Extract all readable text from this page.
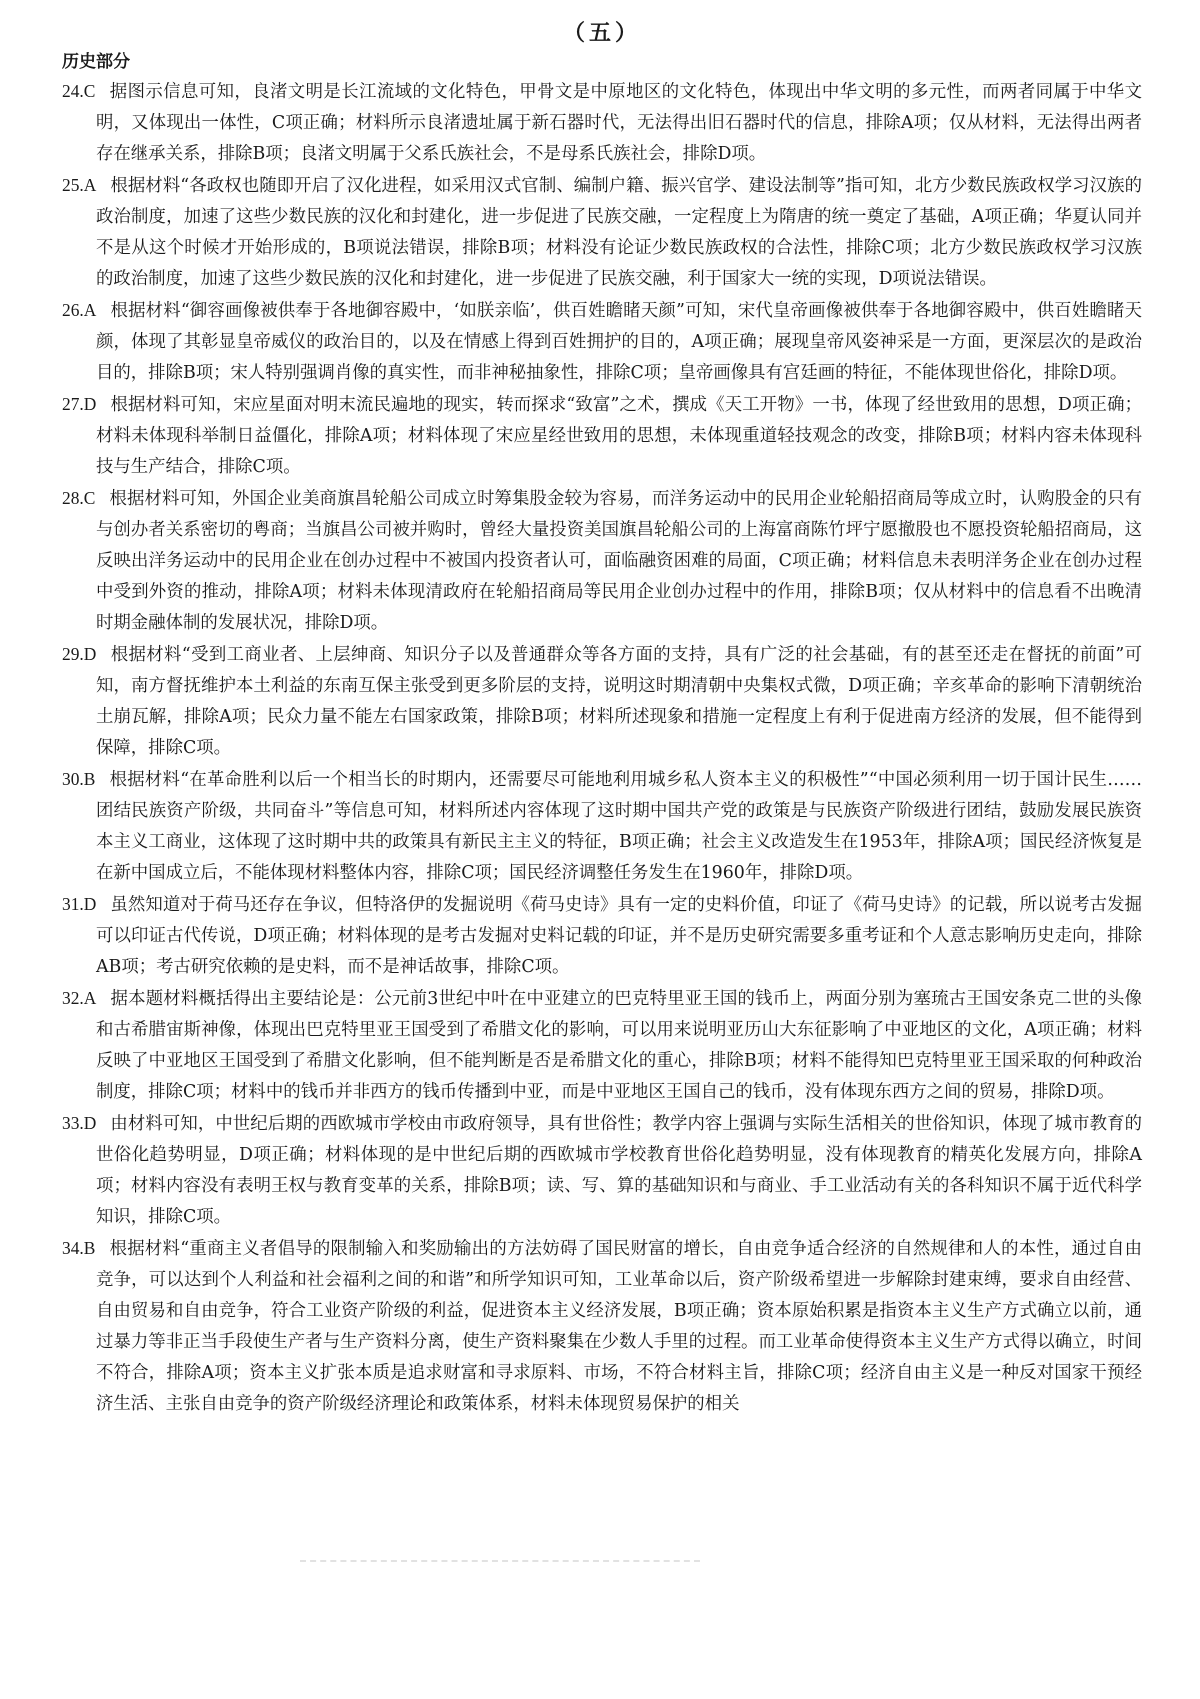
（五）
历史部分

24.C 据图示信息可知，良渚文明是长江流域的文化特色，甲骨文是中原地区的文化特色，体现出中华文明的多元性，而两者同属于中华文明，又体现出一体性，C项正确；材料所示良渚遗址属于新石器时代，无法得出旧石器时代的信息，排除A项；仅从材料，无法得出两者存在继承关系，排除B项；良渚文明属于父系氏族社会，不是母系氏族社会，排除D项。

25.A 根据材料“各政权也随即开启了汉化进程，如采用汉式官制、编制户籍、振兴官学、建设法制等”指可知，北方少数民族政权学习汉族的政治制度，加速了这些少数民族的汉化和封建化，进一步促进了民族交融，一定程度上为隋唐的统一奠定了基础，A项正确；华夏认同并不是从这个时候才开始形成的，B项说法错误，排除B项；材料没有论证少数民族政权的合法性，排除C项；北方少数民族政权学习汉族的政治制度，加速了这些少数民族的汉化和封建化，进一步促进了民族交融，利于国家大一统的实现，D项说法错误。

26.A 根据材料“御容画像被供奉于各地御容殿中，‘如朕亲临’，供百姓瞻睹天颜”可知，宋代皇帝画像被供奉于各地御容殿中，供百姓瞻睹天颜，体现了其彰显皇帝威仪的政治目的，以及在情感上得到百姓拥护的目的，A项正确；展现皇帝风姿神采是一方面，更深层次的是政治目的，排除B项；宋人特别强调肖像的真实性，而非神秘抽象性，排除C项；皇帝画像具有宫廷画的特征，不能体现世俗化，排除D项。

27.D 根据材料可知，宋应星面对明末流民遍地的现实，转而探求“致富”之术，撰成《天工开物》一书，体现了经世致用的思想，D项正确；材料未体现科举制日益僵化，排除A项；材料体现了宋应星经世致用的思想，未体现重道轻技观念的改变，排除B项；材料内容未体现科技与生产结合，排除C项。

28.C 根据材料可知，外国企业美商旗昌轮船公司成立时筹集股金较为容易，而洋务运动中的民用企业轮船招商局等成立时，认购股金的只有与创办者关系密切的粤商；当旗昌公司被并购时，曾经大量投资美国旗昌轮船公司的上海富商陈竹坪宁愿撤股也不愿投资轮船招商局，这反映出洋务运动中的民用企业在创办过程中不被国内投资者认可，面临融资困难的局面，C项正确；材料信息未表明洋务企业在创办过程中受到外资的推动，排除A项；材料未体现清政府在轮船招商局等民用企业创办过程中的作用，排除B项；仅从材料中的信息看不出晚清时期金融体制的发展状况，排除D项。

29.D 根据材料“受到工商业者、上层绅商、知识分子以及普通群众等各方面的支持，具有广泛的社会基础，有的甚至还走在督抚的前面”可知，南方督抚维护本土利益的东南互保主张受到更多阶层的支持，说明这时期清朝中央集权式微，D项正确；辛亥革命的影响下清朝统治土崩瓦解，排除A项；民众力量不能左右国家政策，排除B项；材料所述现象和措施一定程度上有利于促进南方经济的发展，但不能得到保障，排除C项。

30.B 根据材料“在革命胜利以后一个相当长的时期内，还需要尽可能地利用城乡私人资本主义的积极性”“中国必须利用一切于国计民生……团结民族资产阶级，共同奋斗”等信息可知，材料所述内容体现了这时期中国共产党的政策是与民族资产阶级进行团结，鼓励发展民族资本主义工商业，这体现了这时期中共的政策具有新民主主义的特征，B项正确；社会主义改造发生在1953年，排除A项；国民经济恢复是在新中国成立后，不能体现材料整体内容，排除C项；国民经济调整任务发生在1960年，排除D项。

31.D 虽然知道对于荷马还存在争议，但特洛伊的发掘说明《荷马史诗》具有一定的史料价值，印证了《荷马史诗》的记载，所以说考古发掘可以印证古代传说，D项正确；材料体现的是考古发掘对史料记载的印证，并不是历史研究需要多重考证和个人意志影响历史走向，排除AB项；考古研究依赖的是史料，而不是神话故事，排除C项。

32.A 据本题材料概括得出主要结论是：公元前3世纪中叶在中亚建立的巴克特里亚王国的钱币上，两面分别为塞琉古王国安条克二世的头像和古希腊宙斯神像，体现出巴克特里亚王国受到了希腊文化的影响，可以用来说明亚历山大东征影响了中亚地区的文化，A项正确；材料反映了中亚地区王国受到了希腊文化影响，但不能判断是否是希腊文化的重心，排除B项；材料不能得知巴克特里亚王国采取的何种政治制度，排除C项；材料中的钱币并非西方的钱币传播到中亚，而是中亚地区王国自己的钱币，没有体现东西方之间的贸易，排除D项。

33.D 由材料可知，中世纪后期的西欧城市学校由市政府领导，具有世俗性；教学内容上强调与实际生活相关的世俗知识，体现了城市教育的世俗化趋势明显，D项正确；材料体现的是中世纪后期的西欧城市学校教育世俗化趋势明显，没有体现教育的精英化发展方向，排除A项；材料内容没有表明王权与教育变革的关系，排除B项；读、写、算的基础知识和与商业、手工业活动有关的各科知识不属于近代科学知识，排除C项。

34.B 根据材料“重商主义者倡导的限制输入和奖励输出的方法妨碍了国民财富的增长，自由竞争适合经济的自然规律和人的本性，通过自由竞争，可以达到个人利益和社会福利之间的和谐”和所学知识可知，工业革命以后，资产阶级希望进一步解除封建束缚，要求自由经营、自由贸易和自由竞争，符合工业资产阶级的利益，促进资本主义经济发展，B项正确；资本原始积累是指资本主义生产方式确立以前，通过暴力等非正当手段使生产者与生产资料分离，使生产资料聚集在少数人手里的过程。而工业革命使得资本主义生产方式得以确立，时间不符合，排除A项；资本主义扩张本质是追求财富和寻求原料、市场，不符合材料主旨，排除C项；经济自由主义是一种反对国家干预经济生活、主张自由竞争的资产阶级经济理论和政策体系，材料未体现贸易保护的相关
